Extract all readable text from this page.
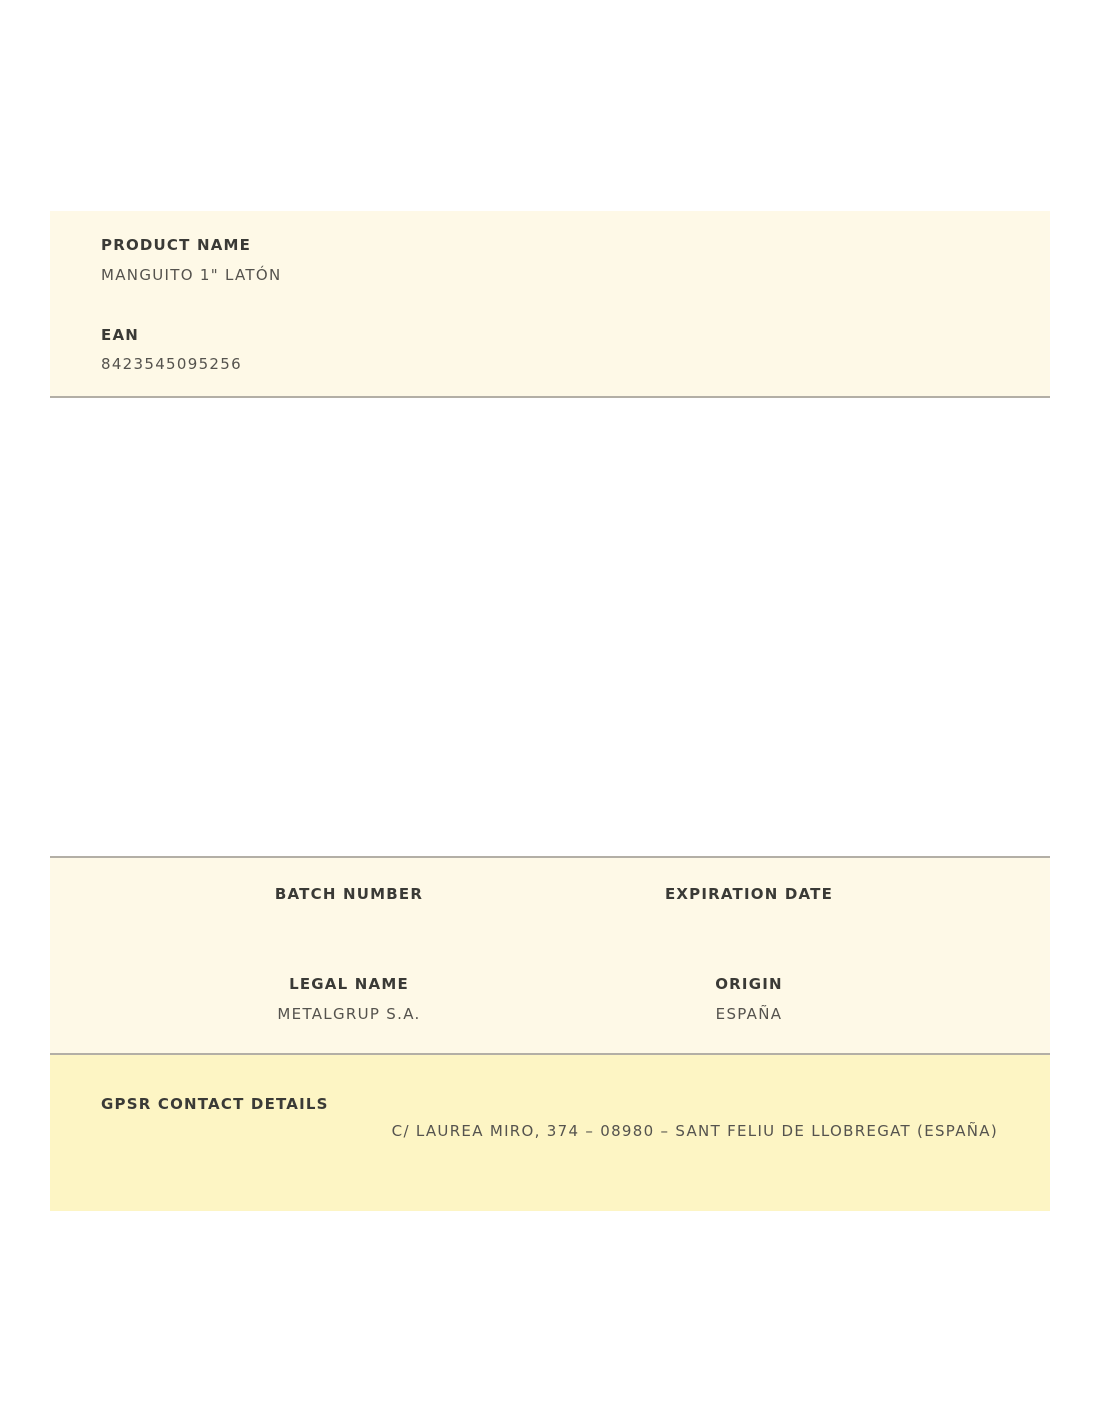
PRODUCT NAME
MANGUITO 1" LATÓN
EAN
8423545095256
BATCH NUMBER	EXPIRATION DATE
LEGAL NAME
METALGRUP S.A.
ORIGIN
ESPAÑA
GPSR CONTACT DETAILS
C/ LAUREA MIRO, 374 – 08980 – SANT FELIU DE LLOBREGAT (ESPAÑA)
